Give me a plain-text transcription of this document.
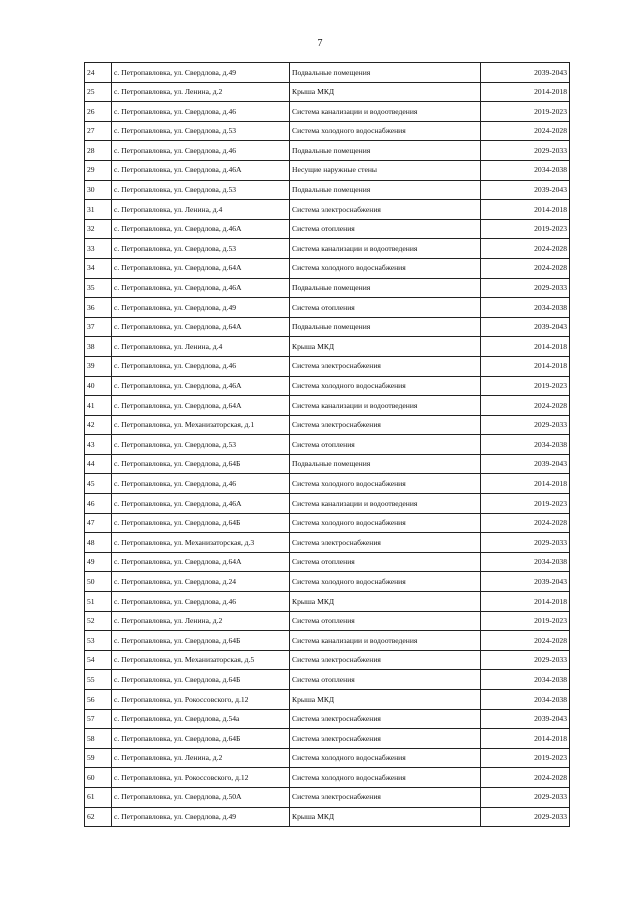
7
24	с. Петропавловка, ул. Свердлова, д.49	Подвальные помещения	2039-2043
25	с. Петропавловка, ул. Ленина, д.2	Крыша МКД	2014-2018
26	с. Петропавловка, ул. Свердлова, д.46	Система канализации и водоотведения	2019-2023
27	с. Петропавловка, ул. Свердлова, д.53	Система холодного водоснабжения	2024-2028
28	с. Петропавловка, ул. Свердлова, д.46	Подвальные помещения	2029-2033
29	с. Петропавловка, ул. Свердлова, д.46А	Несущие наружные стены	2034-2038
30	с. Петропавловка, ул. Свердлова, д.53	Подвальные помещения	2039-2043
31	с. Петропавловка, ул. Ленина, д.4	Система электроснабжения	2014-2018
32	с. Петропавловка, ул. Свердлова, д.46А	Система отопления	2019-2023
33	с. Петропавловка, ул. Свердлова, д.53	Система канализации и водоотведения	2024-2028
34	с. Петропавловка, ул. Свердлова, д.64А	Система холодного водоснабжения	2024-2028
35	с. Петропавловка, ул. Свердлова, д.46А	Подвальные помещения	2029-2033
36	с. Петропавловка, ул. Свердлова, д.49	Система отопления	2034-2038
37	с. Петропавловка, ул. Свердлова, д.64А	Подвальные помещения	2039-2043
38	с. Петропавловка, ул. Ленина, д.4	Крыша МКД	2014-2018
39	с. Петропавловка, ул. Свердлова, д.46	Система электроснабжения	2014-2018
40	с. Петропавловка, ул. Свердлова, д.46А	Система холодного водоснабжения	2019-2023
41	с. Петропавловка, ул. Свердлова, д.64А	Система канализации и водоотведения	2024-2028
42	с. Петропавловка, ул. Механизаторская, д.1	Система электроснабжения	2029-2033
43	с. Петропавловка, ул. Свердлова, д.53	Система отопления	2034-2038
44	с. Петропавловка, ул. Свердлова, д.64Б	Подвальные помещения	2039-2043
45	с. Петропавловка, ул. Свердлова, д.46	Система холодного водоснабжения	2014-2018
46	с. Петропавловка, ул. Свердлова, д.46А	Система канализации и водоотведения	2019-2023
47	с. Петропавловка, ул. Свердлова, д.64Б	Система холодного водоснабжения	2024-2028
48	с. Петропавловка, ул. Механизаторская, д.3	Система электроснабжения	2029-2033
49	с. Петропавловка, ул. Свердлова, д.64А	Система отопления	2034-2038
50	с. Петропавловка, ул. Свердлова, д.24	Система холодного водоснабжения	2039-2043
51	с. Петропавловка, ул. Свердлова, д.46	Крыша МКД	2014-2018
52	с. Петропавловка, ул. Ленина, д.2	Система отопления	2019-2023
53	с. Петропавловка, ул. Свердлова, д.64Б	Система канализации и водоотведения	2024-2028
54	с. Петропавловка, ул. Механизаторская, д.5	Система электроснабжения	2029-2033
55	с. Петропавловка, ул. Свердлова, д.64Б	Система отопления	2034-2038
56	с. Петропавловка, ул. Рокоссовского, д.12	Крыша МКД	2034-2038
57	с. Петропавловка, ул. Свердлова, д.54а	Система электроснабжения	2039-2043
58	с. Петропавловка, ул. Свердлова, д.64Б	Система электроснабжения	2014-2018
59	с. Петропавловка, ул. Ленина, д.2	Система холодного водоснабжения	2019-2023
60	с. Петропавловка, ул. Рокоссовского, д.12	Система холодного водоснабжения	2024-2028
61	с. Петропавловка, ул. Свердлова, д.50А	Система электроснабжения	2029-2033
62	с. Петропавловка, ул. Свердлова, д.49	Крыша МКД	2029-2033
